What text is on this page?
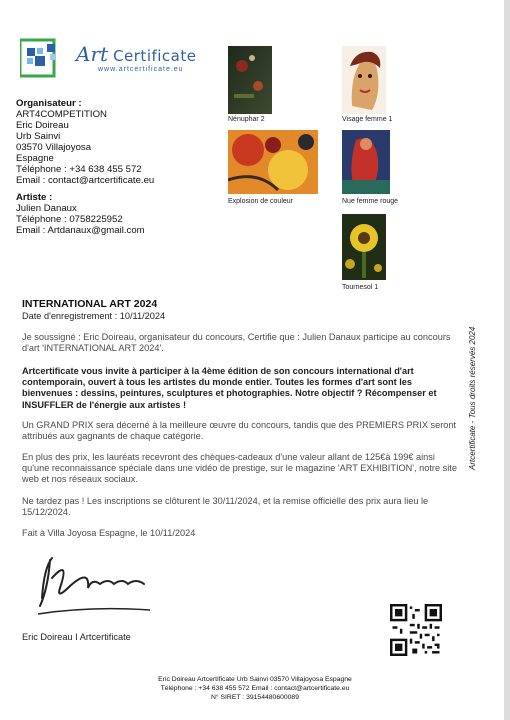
Art Certificate
www.artcertificate.eu
Organisateur :
ART4COMPETITION
Eric Doireau
Urb Sainvi
03570 Villajoyosa
Espagne
Téléphone : +34 638 455 572
Email : contact@artcertificate.eu
Artiste :
Julien Danaux
Téléphone : 0758225952
Email : Artdanaux@gmail.com
Nénuphar 2	Visage femme 1
Explosion de couleur	Nue femme rouge
Tournesol 1
INTERNATIONAL ART 2024
Date d'enregistrement : 10/11/2024

Je soussigné : Eric Doireau, organisateur du concours, Certifie que : Julien Danaux participe au concours d'art 'INTERNATIONAL ART 2024'.

Artcertificate vous invite à participer à la 4ème édition de son concours international d'art contemporain, ouvert à tous les artistes du monde entier. Toutes les formes d'art sont les bienvenues : dessins, peintures, sculptures et photographies. Notre objectif ? Récompenser et INSUFFLER de l'énergie aux artistes !

Un GRAND PRIX sera décerné à la meilleure œuvre du concours, tandis que des PREMIERS PRIX seront attribués aux gagnants de chaque catégorie.

En plus des prix, les lauréats recevront des chèques-cadeaux d'une valeur allant de 125€à 199€ ainsi qu'une reconnaissance spéciale dans une vidéo de prestige, sur le magazine 'ART EXHIBITION', notre site web et nos réseaux sociaux.

Ne tardez pas ! Les inscriptions se clôturent le 30/11/2024, et la remise officielle des prix aura lieu le 15/12/2024.

Fait à Villa Joyosa Espagne, le 10/11/2024

Artcertificate - Tous droits réservés 2024
Eric Doireau I Artcertificate
Eric Doireau Artcertificate Urb Sainvi 03570 Villajoyosa Espagne
Téléphone : +34 638 455 572 Email : contact@artcertificate.eu
N° SIRET : 39154480600089
